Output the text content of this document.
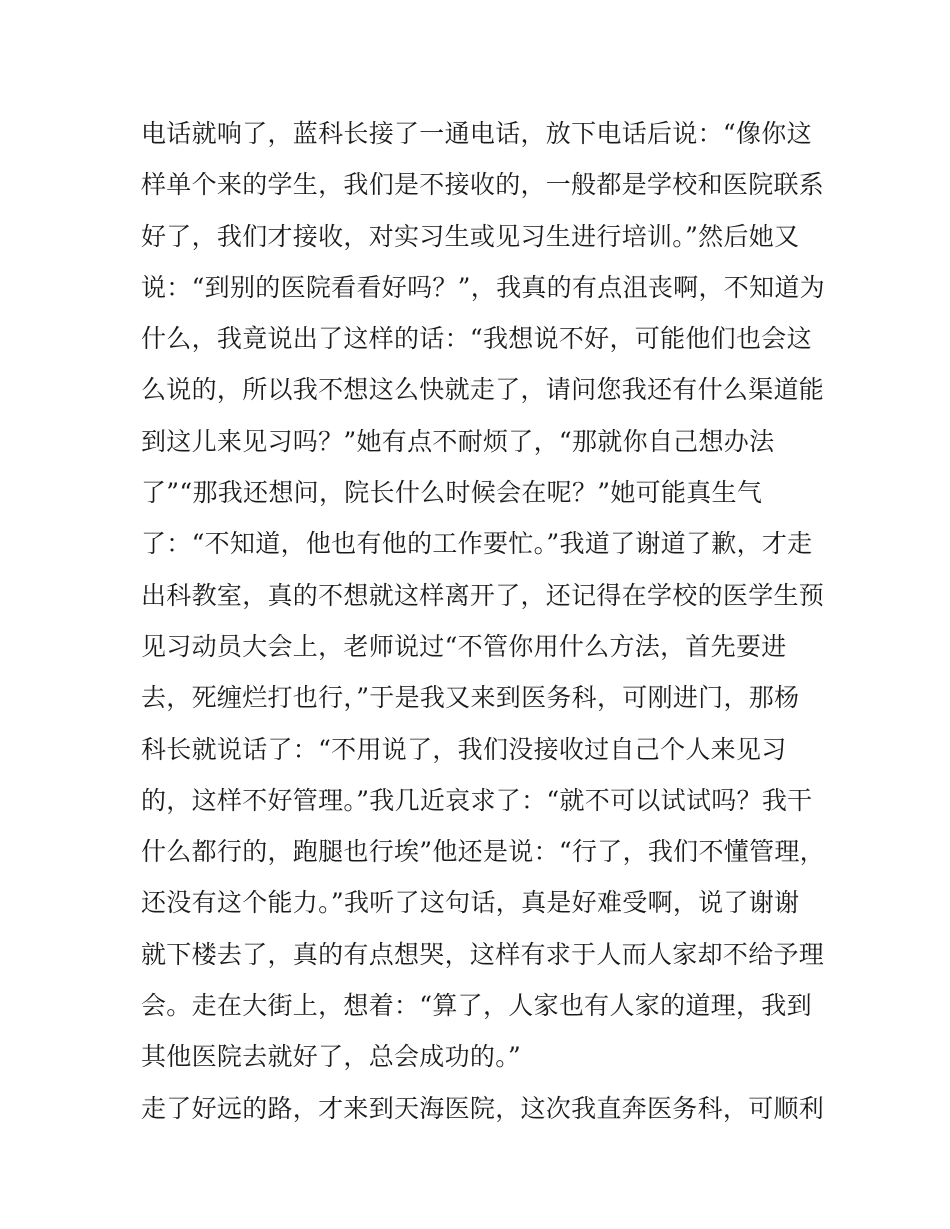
电话就响了，蓝科长接了一通电话，放下电话后说：“像你这
样单个来的学生，我们是不接收的，一般都是学校和医院联系
好了，我们才接收，对实习生或见习生进行培训。”然后她又
说：“到别的医院看看好吗？”，我真的有点沮丧啊，不知道为
什么，我竟说出了这样的话：“我想说不好，可能他们也会这
么说的，所以我不想这么快就走了，请问您我还有什么渠道能
到这儿来见习吗？”她有点不耐烦了，“那就你自己想办法
了”“那我还想问，院长什么时候会在呢？”她可能真生气
了：“不知道，他也有他的工作要忙。”我道了谢道了歉，才走
出科教室，真的不想就这样离开了，还记得在学校的医学生预
见习动员大会上，老师说过“不管你用什么方法，首先要进
去，死缠烂打也行，”于是我又来到医务科，可刚进门，那杨
科长就说话了：“不用说了，我们没接收过自己个人来见习
的，这样不好管理。”我几近哀求了：“就不可以试试吗？我干
什么都行的，跑腿也行埃”他还是说：“行了，我们不懂管理，
还没有这个能力。”我听了这句话，真是好难受啊，说了谢谢
就下楼去了，真的有点想哭，这样有求于人而人家却不给予理
会。走在大街上，想着：“算了，人家也有人家的道理，我到
其他医院去就好了，总会成功的。”
走了好远的路，才来到天海医院，这次我直奔医务科，可顺利
